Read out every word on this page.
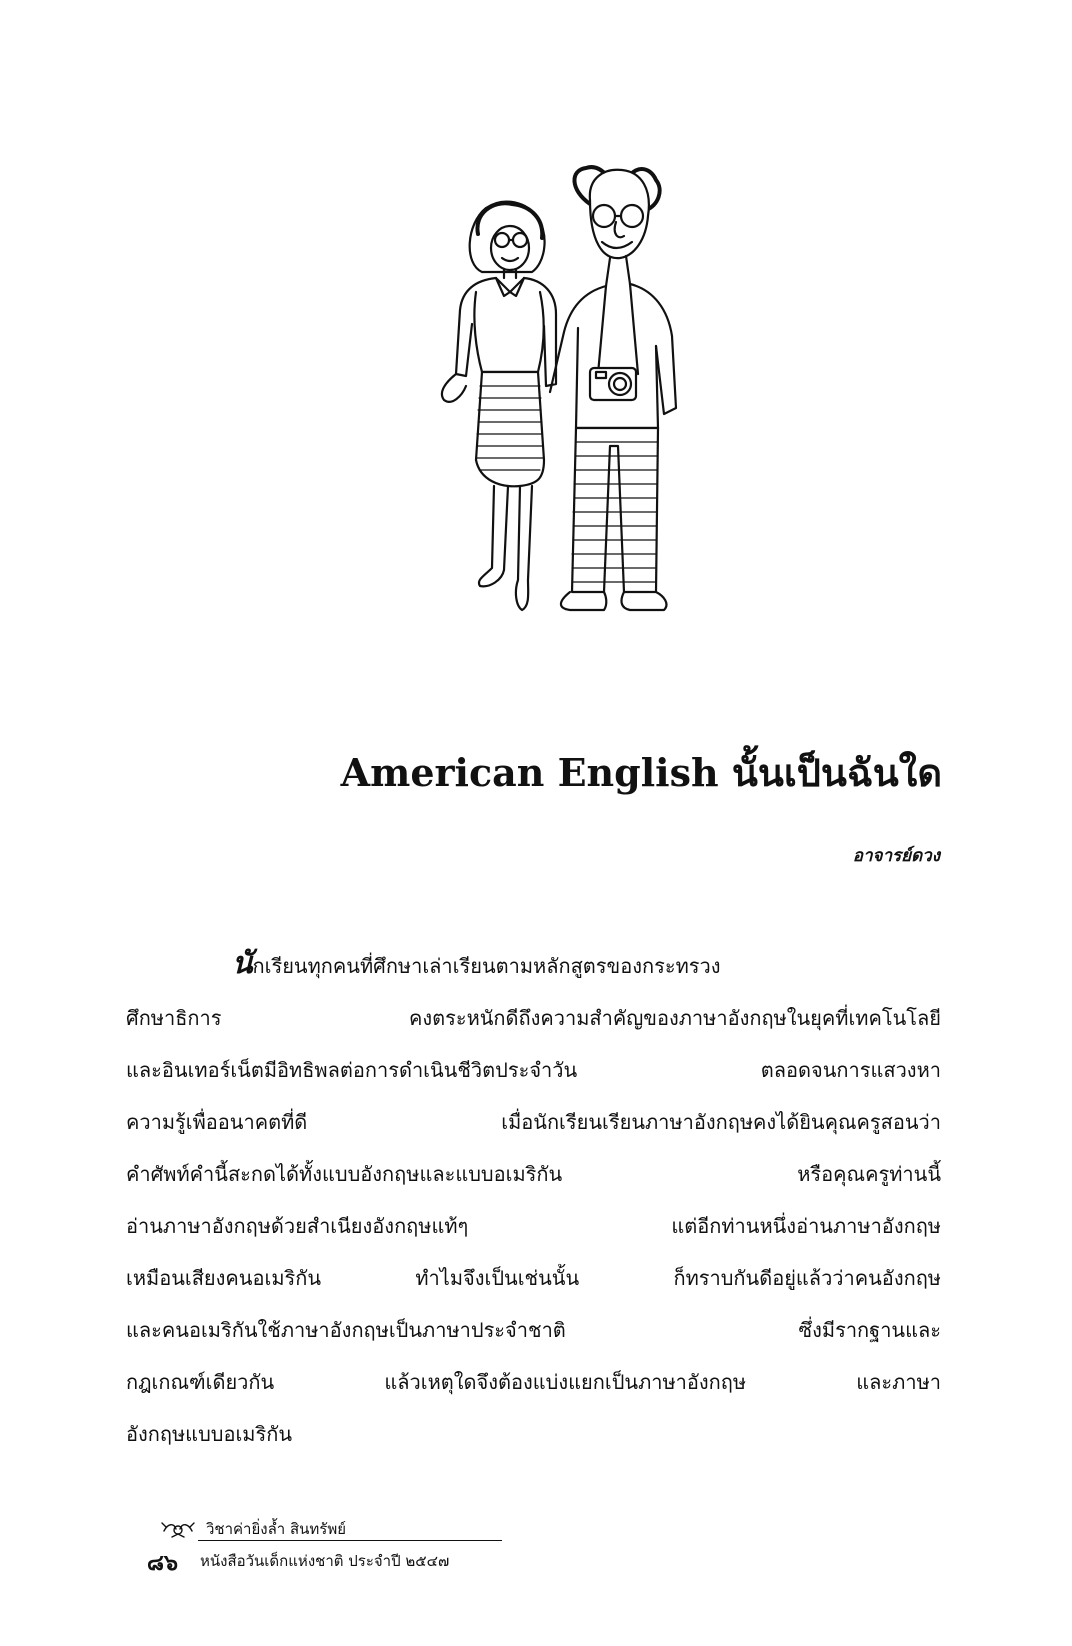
American English นั้นเป็นฉันใด
อาจารย์ดวง
นักเรียนทุกคนที่ศึกษาเล่าเรียนตามหลักสูตรของกระทรวง
ศึกษาธิการ คงตระหนักดีถึงความสำคัญของภาษาอังกฤษในยุคที่เทคโนโลยี
และอินเทอร์เน็ตมีอิทธิพลต่อการดำเนินชีวิตประจำวัน ตลอดจนการแสวงหา
ความรู้เพื่ออนาคตที่ดี เมื่อนักเรียนเรียนภาษาอังกฤษคงได้ยินคุณครูสอนว่า
คำศัพท์คำนี้สะกดได้ทั้งแบบอังกฤษและแบบอเมริกัน หรือคุณครูท่านนี้
อ่านภาษาอังกฤษด้วยสำเนียงอังกฤษแท้ๆ แต่อีกท่านหนึ่งอ่านภาษาอังกฤษ
เหมือนเสียงคนอเมริกัน ทำไมจึงเป็นเช่นนั้น ก็ทราบกันดีอยู่แล้วว่าคนอังกฤษ
และคนอเมริกันใช้ภาษาอังกฤษเป็นภาษาประจำชาติ ซึ่งมีรากฐานและ
กฎเกณฑ์เดียวกัน แล้วเหตุใดจึงต้องแบ่งแยกเป็นภาษาอังกฤษ และภาษา
อังกฤษแบบอเมริกัน
วิชาค่ายิ่งล้ำ สินทรัพย์
๘๖ หนังสือวันเด็กแห่งชาติ ประจำปี ๒๕๔๗
